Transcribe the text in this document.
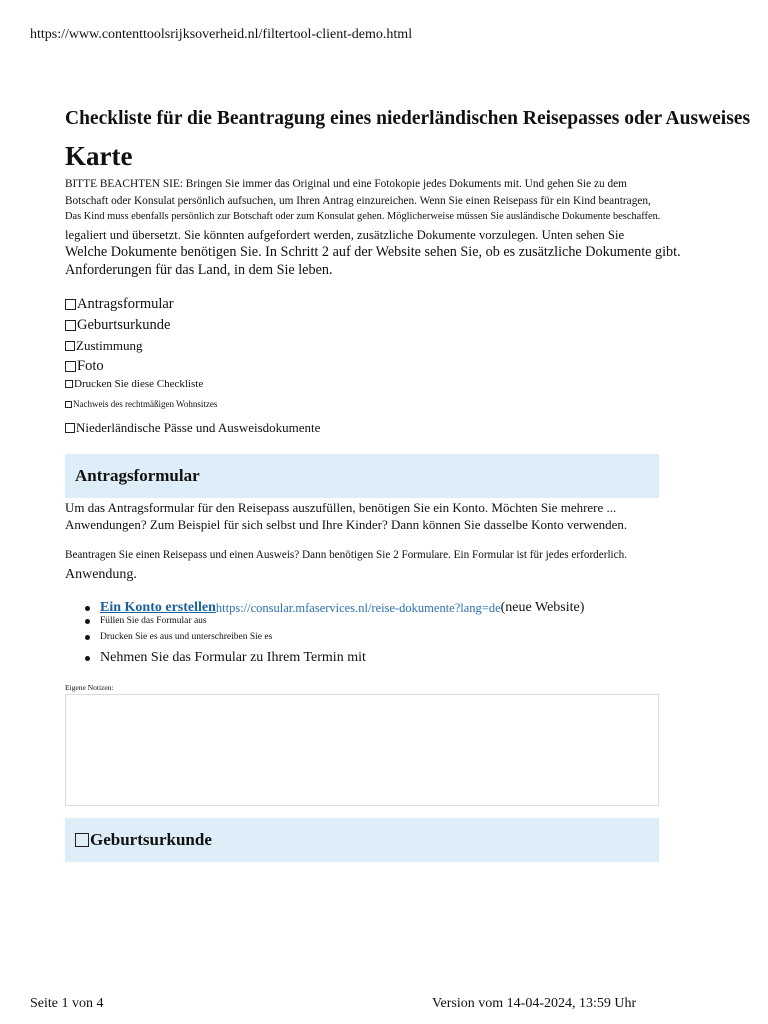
https://www.contenttoolsrijksoverheid.nl/filtertool-client-demo.html
Checkliste für die Beantragung eines niederländischen Reisepasses oder Ausweises
Karte
BITTE BEACHTEN SIE: Bringen Sie immer das Original und eine Fotokopie jedes Dokuments mit. Und gehen Sie zu dem
Botschaft oder Konsulat persönlich aufsuchen, um Ihren Antrag einzureichen. Wenn Sie einen Reisepass für ein Kind beantragen,
Das Kind muss ebenfalls persönlich zur Botschaft oder zum Konsulat gehen. Möglicherweise müssen Sie ausländische Dokumente beschaffen.
legaliert und übersetzt. Sie könnten aufgefordert werden, zusätzliche Dokumente vorzulegen. Unten sehen Sie
Welche Dokumente benötigen Sie. In Schritt 2 auf der Website sehen Sie, ob es zusätzliche Dokumente gibt.
Anforderungen für das Land, in dem Sie leben.
Antragsformular
Geburtsurkunde
Zustimmung
Foto
Drucken Sie diese Checkliste
Nachweis des rechtmäßigen Wohnsitzes
Niederländische Pässe und Ausweisdokumente
Antragsformular
Um das Antragsformular für den Reisepass auszufüllen, benötigen Sie ein Konto. Möchten Sie mehrere ...
Anwendungen? Zum Beispiel für sich selbst und Ihre Kinder? Dann können Sie dasselbe Konto verwenden.
Beantragen Sie einen Reisepass und einen Ausweis? Dann benötigen Sie 2 Formulare. Ein Formular ist für jedes erforderlich.
Anwendung.
Ein Konto erstellen https://consular.mfaservices.nl/reise-dokumente?lang=de (neue Website)
Füllen Sie das Formular aus
Drucken Sie es aus und unterschreiben Sie es
Nehmen Sie das Formular zu Ihrem Termin mit
Eigene Notizen:
Geburtsurkunde
Seite 1 von 4	Version vom 14-04-2024, 13:59 Uhr
